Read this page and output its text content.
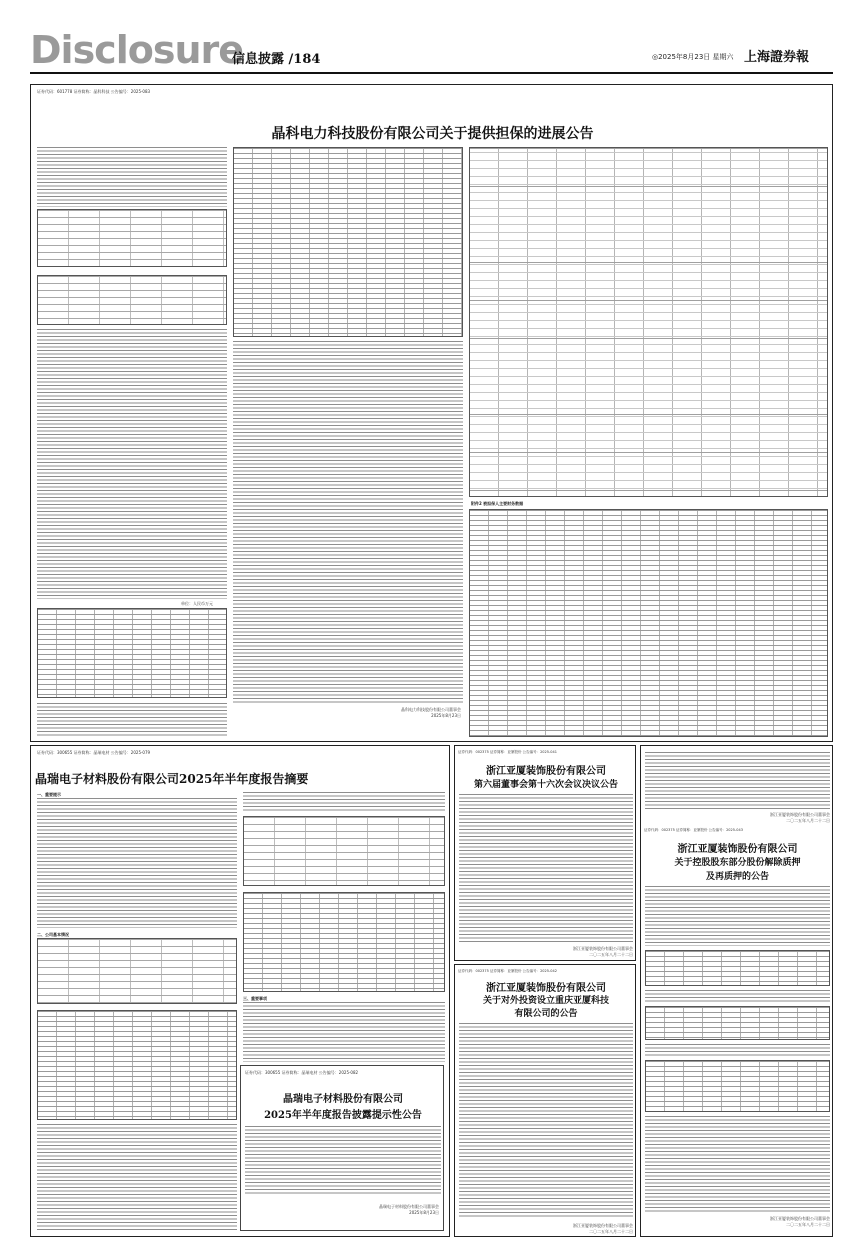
Disclosure
信息披露 /184	◎2025年8月23日 星期六 上海證券報
证券代码：601778 证券简称：晶科科技 公告编号：2025-083
晶科电力科技股份有限公司关于提供担保的进展公告
单位：人民币万元
晶科电力科技股份有限公司董事会
2025年8月23日
附件2 被担保人主要财务数据
证券代码：300655 证券简称：晶瑞电材 公告编号：2025-079
晶瑞电子材料股份有限公司2025年半年度报告摘要
一、重要提示
二、公司基本情况
三、重要事项
证券代码：300655 证券简称：晶瑞电材 公告编号：2025-082
晶瑞电子材料股份有限公司
2025年半年度报告披露提示性公告
晶瑞电子材料股份有限公司董事会
2025年8月23日
证券代码：002375 证券简称：亚厦股份 公告编号：2025-041
浙江亚厦装饰股份有限公司
第六届董事会第十六次会议决议公告
浙江亚厦装饰股份有限公司董事会
二〇二五年八月二十二日
证券代码：002375 证券简称：亚厦股份 公告编号：2025-042
浙江亚厦装饰股份有限公司
关于对外投资设立重庆亚厦科技
有限公司的公告
浙江亚厦装饰股份有限公司董事会
二〇二五年八月二十二日
浙江亚厦装饰股份有限公司董事会
二〇二五年八月二十二日
证券代码：002375 证券简称：亚厦股份 公告编号：2025-043
浙江亚厦装饰股份有限公司
关于控股股东部分股份解除质押
及再质押的公告
浙江亚厦装饰股份有限公司董事会
二〇二五年八月二十二日
